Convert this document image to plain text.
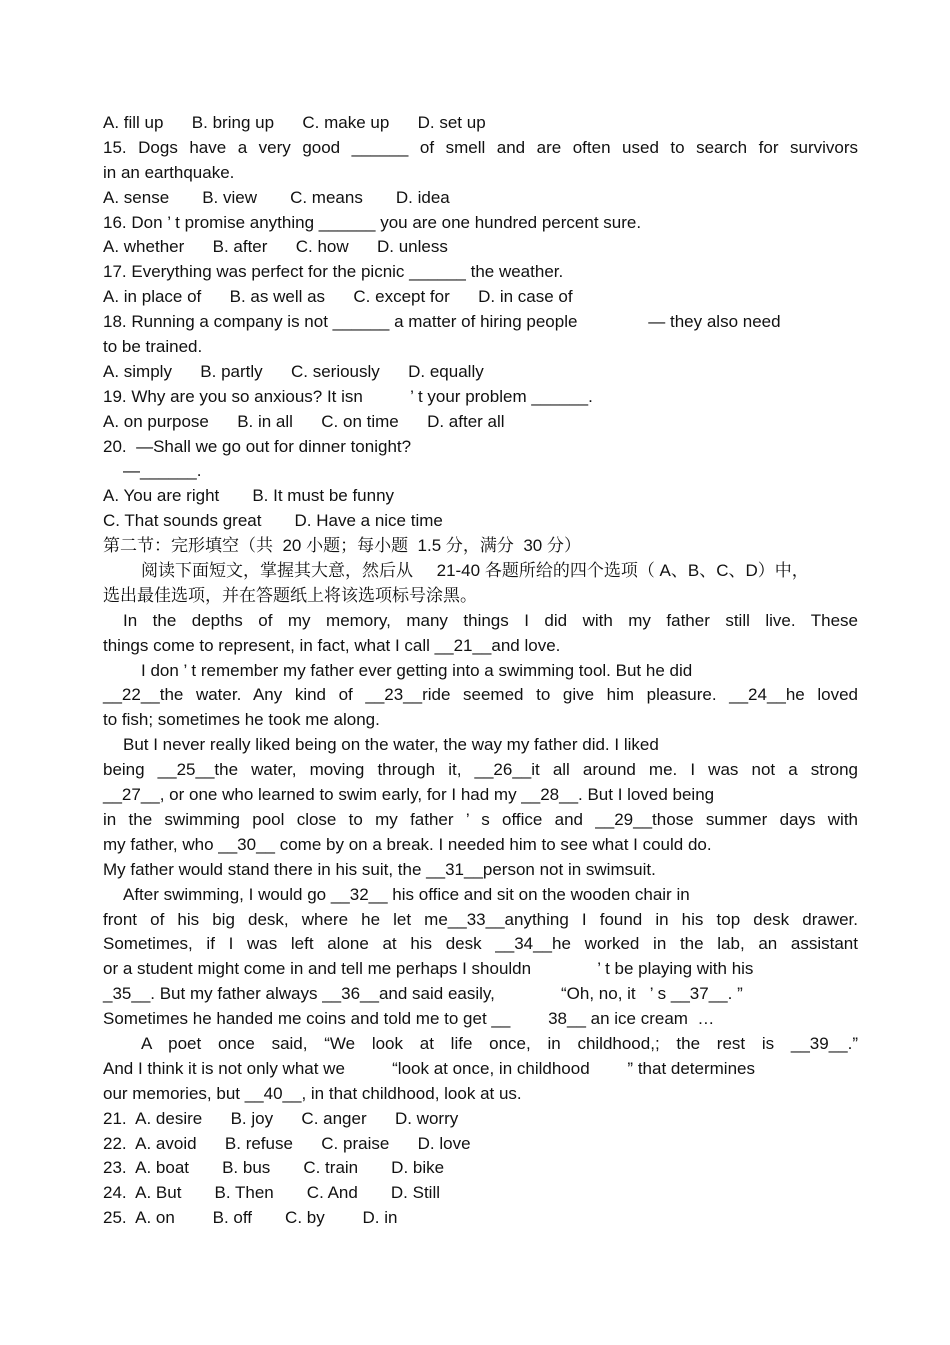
A. fill up      B. bring up      C. make up      D. set up
15. Dogs have a very good ______ of smell and are often used to search for survivors
in an earthquake.
A. sense       B. view       C. means       D. idea
16. Don ’ t promise anything ______ you are one hundred percent sure.
A. whether      B. after      C. how      D. unless
17. Everything was perfect for the picnic ______ the weather.
A. in place of      B. as well as      C. except for      D. in case of
18. Running a company is not ______ a matter of hiring people               — they also need
to be trained.
A. simply      B. partly      C. seriously      D. equally
19. Why are you so anxious? It isn          ’ t your problem ______.
A. on purpose      B. in all      C. on time      D. after all
20.  —Shall we go out for dinner tonight?
—______.
A. You are right       B. It must be funny
C. That sounds great       D. Have a nice time
第二节：完形填空（共  20 小题；每小题  1.5 分，满分  30 分）
阅读下面短文，掌握其大意，然后从     21-40 各题所给的四个选项（ A、B、C、D）中，
选出最佳选项，并在答题纸上将该选项标号涂黑。
In the depths of my memory, many things I did with my father still live. These
things come to represent, in fact, what I call __21__and love.
I don ’ t remember my father ever getting into a swimming tool. But he did
__22__the water. Any kind of __23__ride seemed to give him pleasure. __24__he loved
to fish; sometimes he took me along.
But I never really liked being on the water, the way my father did. I liked
being __25__the water, moving through it, __26__it all around me. I was not a strong
__27__, or one who learned to swim early, for I had my __28__. But I loved being
in the swimming pool close to my father ’ s office and __29__those summer days with
my father, who __30__ come by on a break. I needed him to see what I could do.
My father would stand there in his suit, the __31__person not in swimsuit.
After swimming, I would go __32__ his office and sit on the wooden chair in
front of his big desk, where he let me__33__anything I found in his top desk drawer.
Sometimes, if I was left alone at his desk __34__he worked in the lab, an assistant
or a student might come in and tell me perhaps I shouldn              ’ t be playing with his
_35__. But my father always __36__and said easily,              “Oh, no, it   ’ s __37__. ”
Sometimes he handed me coins and told me to get __        38__ an ice cream  …
A poet once said, “We look at life once, in childhood,; the rest is __39__.”
And I think it is not only what we          “look at once, in childhood        ” that determines
our memories, but __40__, in that childhood, look at us.
21.  A. desire      B. joy      C. anger      D. worry
22.  A. avoid      B. refuse      C. praise      D. love
23.  A. boat       B. bus       C. train       D. bike
24.  A. But       B. Then       C. And       D. Still
25.  A. on        B. off       C. by        D. in
